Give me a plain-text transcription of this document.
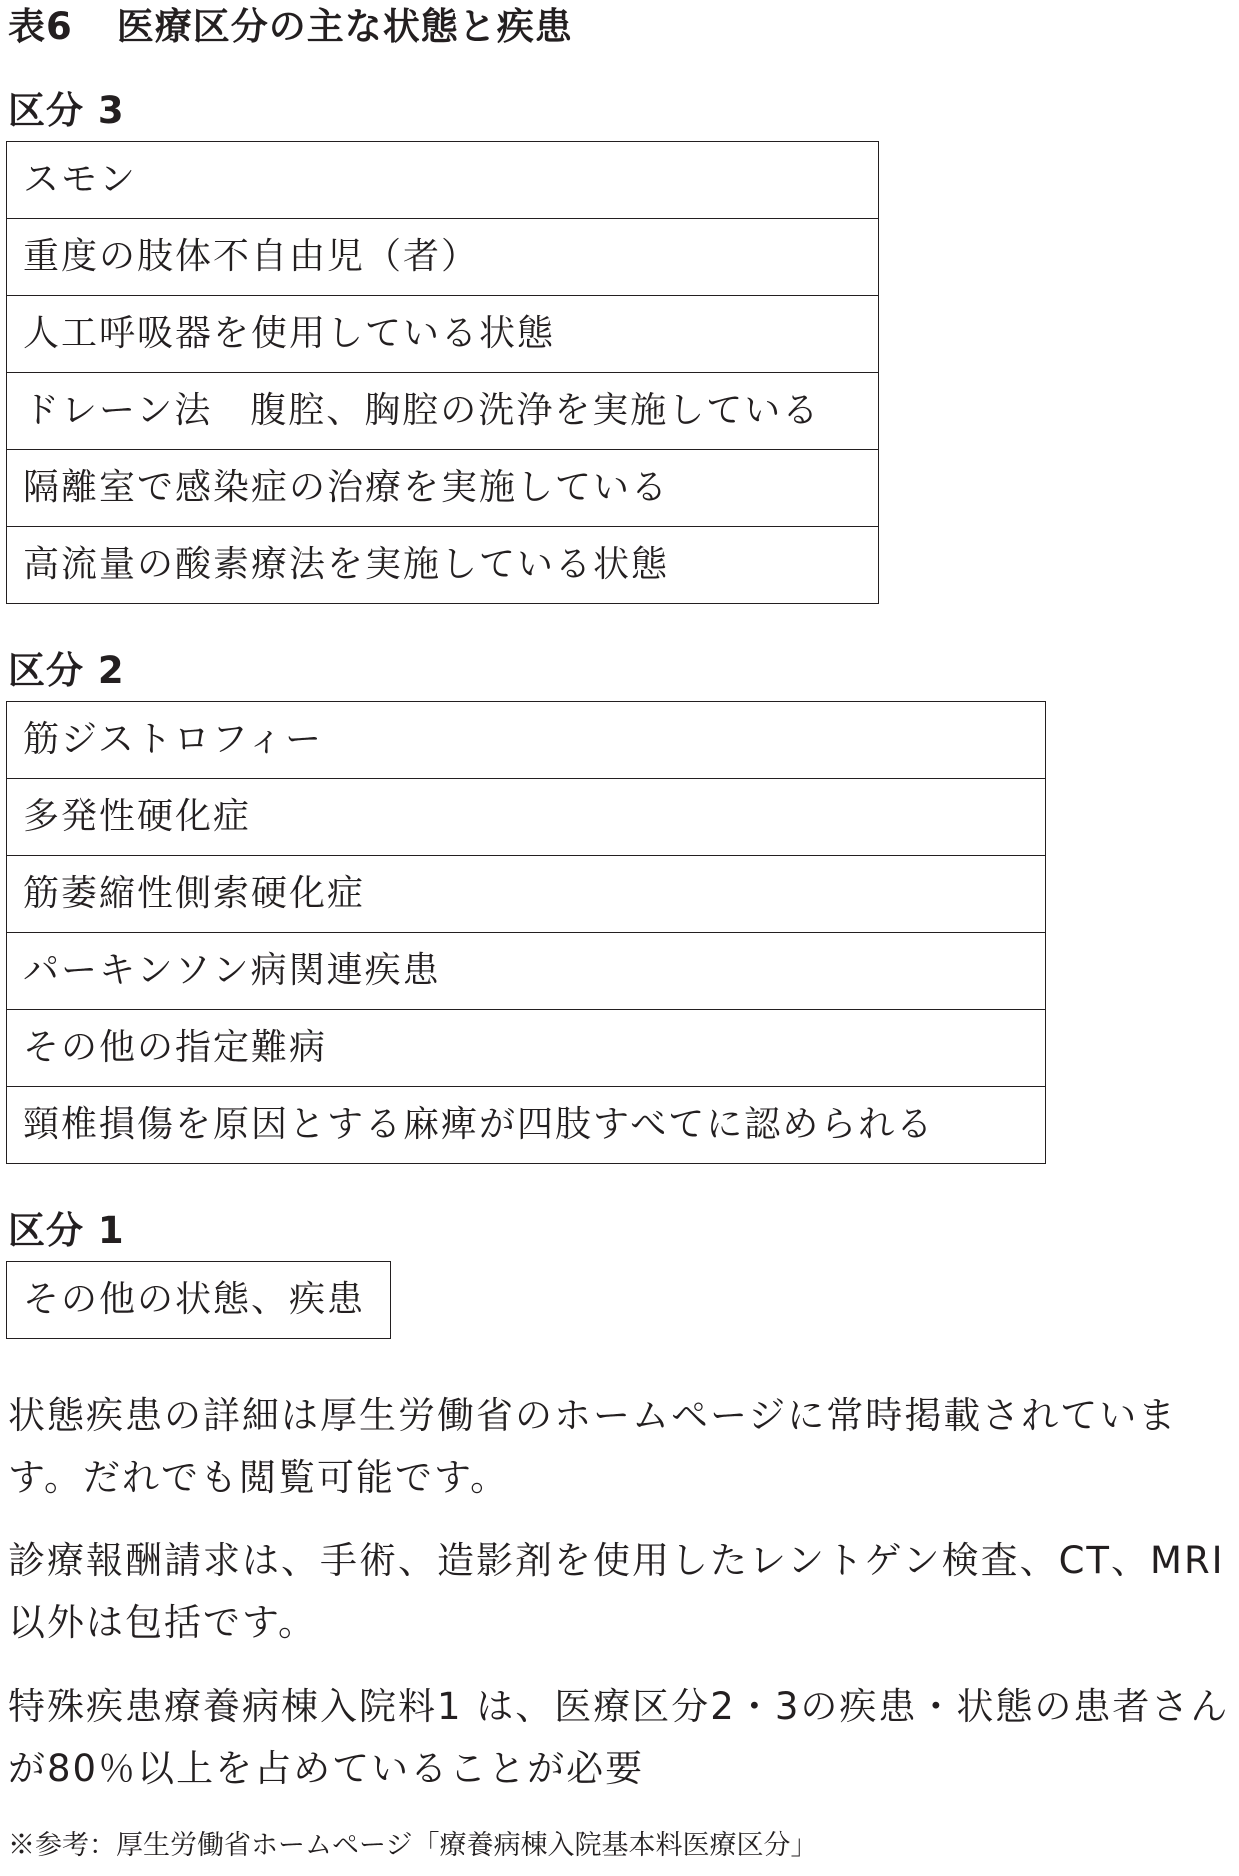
表6 医療区分の主な状態と疾患
区分 3
スモン
重度の肢体不自由児（者）
人工呼吸器を使用している状態
ドレーン法　腹腔、胸腔の洗浄を実施している
隔離室で感染症の治療を実施している
高流量の酸素療法を実施している状態
区分 2
筋ジストロフィー
多発性硬化症
筋萎縮性側索硬化症
パーキンソン病関連疾患
その他の指定難病
頸椎損傷を原因とする麻痺が四肢すべてに認められる
区分 1
その他の状態、疾患

状態疾患の詳細は厚生労働省のホームページに常時掲載されています。だれでも閲覧可能です。

診療報酬請求は、手術、造影剤を使用したレントゲン検査、CT、MRI以外は包括です。

特殊疾患療養病棟入院料1 は、医療区分2・3の疾患・状態の患者さんが80％以上を占めていることが必要

※参考：厚生労働省ホームページ「療養病棟入院基本料医療区分」
